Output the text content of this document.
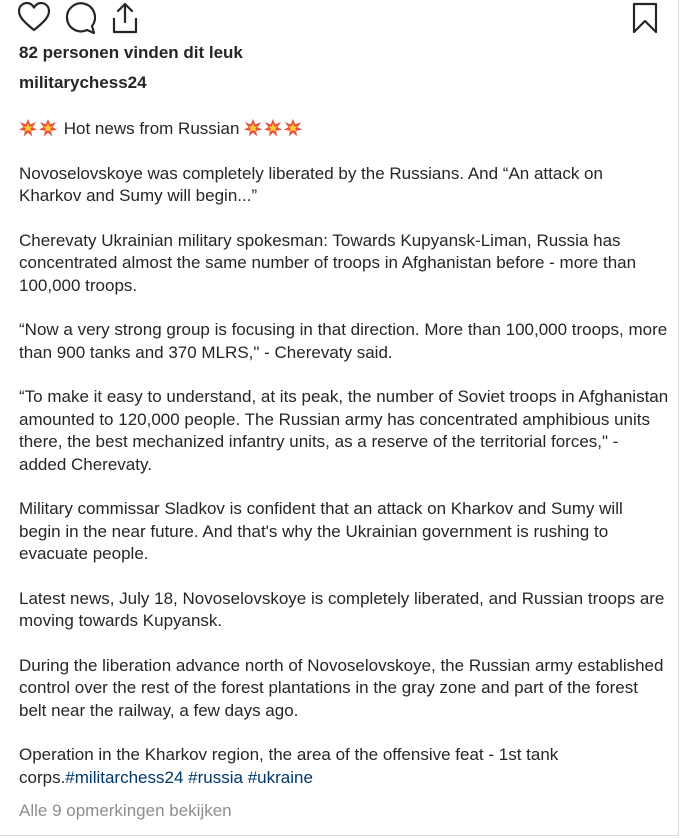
82 personen vinden dit leuk
militarychess24

Hot news from Russian

Novoselovskoye was completely liberated by the Russians. And “An attack on Kharkov and Sumy will begin...”

Cherevaty Ukrainian military spokesman: Towards Kupyansk-Liman, Russia has concentrated almost the same number of troops in Afghanistan before - more than 100,000 troops.

“Now a very strong group is focusing in that direction. More than 100,000 troops, more than 900 tanks and 370 MLRS," - Cherevaty said.

“To make it easy to understand, at its peak, the number of Soviet troops in Afghanistan amounted to 120,000 people. The Russian army has concentrated amphibious units there, the best mechanized infantry units, as a reserve of the territorial forces," - added Cherevaty.

Military commissar Sladkov is confident that an attack on Kharkov and Sumy will begin in the near future. And that's why the Ukrainian government is rushing to evacuate people.

Latest news, July 18, Novoselovskoye is completely liberated, and Russian troops are moving towards Kupyansk.

During the liberation advance north of Novoselovskoye, the Russian army established control over the rest of the forest plantations in the gray zone and part of the forest belt near the railway, a few days ago.

Operation in the Kharkov region, the area of the offensive feat - 1st tank corps.#militarchess24 #russia #ukraine

Alle 9 opmerkingen bekijken
